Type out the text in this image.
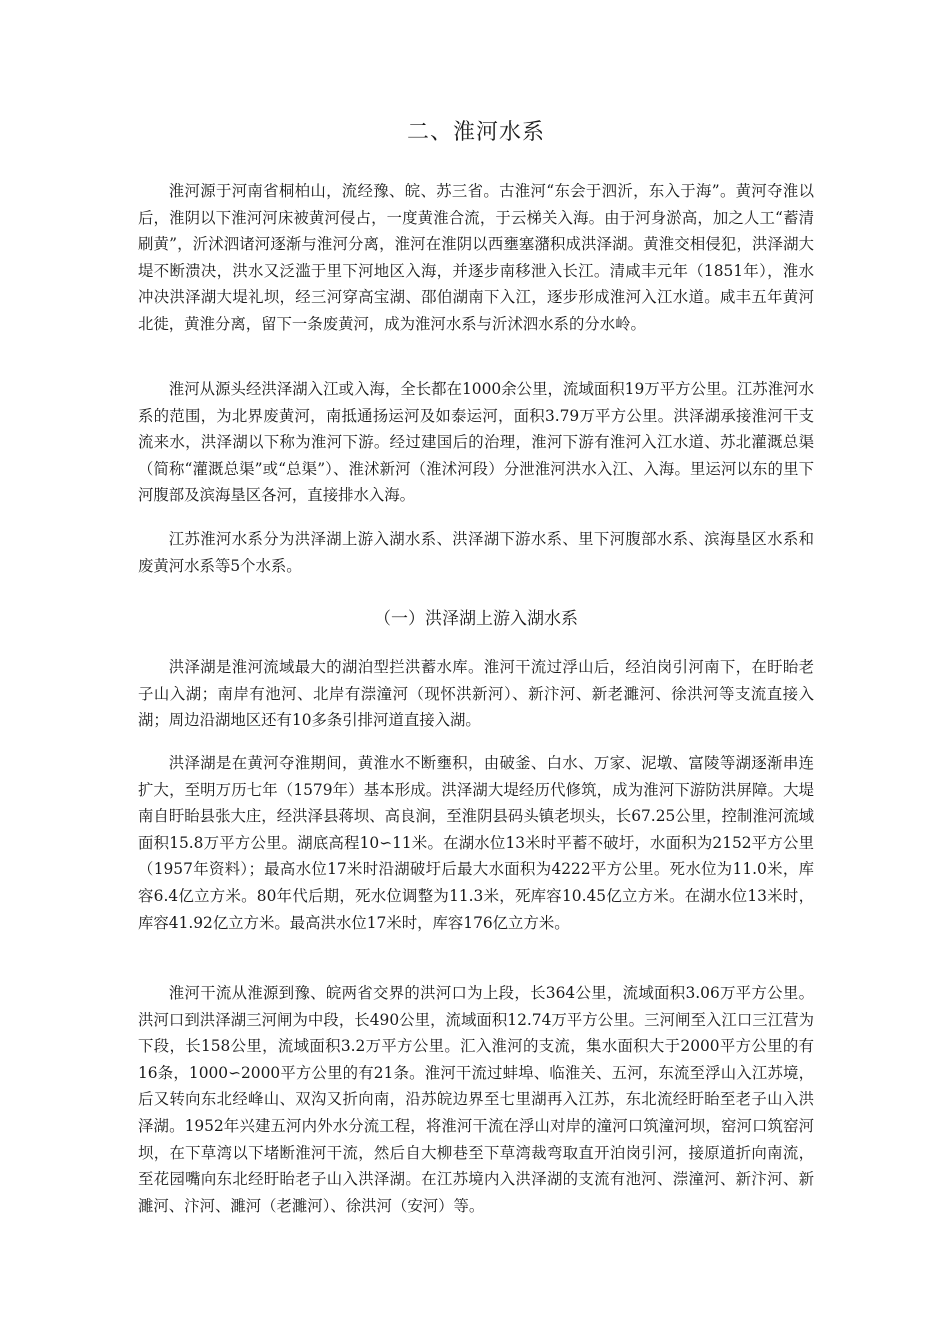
二、淮河水系

淮河源于河南省桐柏山，流经豫、皖、苏三省。古淮河“东会于泗沂，东入于海”。黄河夺淮以后，淮阴以下淮河河床被黄河侵占，一度黄淮合流，于云梯关入海。由于河身淤高，加之人工“蓄清刷黄”，沂沭泗诸河逐渐与淮河分离，淮河在淮阴以西壅塞潴积成洪泽湖。黄淮交相侵犯，洪泽湖大堤不断溃决，洪水又泛滥于里下河地区入海，并逐步南移泄入长江。清咸丰元年（1851年），淮水冲决洪泽湖大堤礼坝，经三河穿高宝湖、邵伯湖南下入江，逐步形成淮河入江水道。咸丰五年黄河北徙，黄淮分离，留下一条废黄河，成为淮河水系与沂沭泗水系的分水岭。

淮河从源头经洪泽湖入江或入海，全长都在1000余公里，流域面积19万平方公里。江苏淮河水系的范围，为北界废黄河，南抵通扬运河及如泰运河，面积3.79万平方公里。洪泽湖承接淮河干支流来水，洪泽湖以下称为淮河下游。经过建国后的治理，淮河下游有淮河入江水道、苏北灌溉总渠（简称“灌溉总渠”或“总渠”）、淮沭新河（淮沭河段）分泄淮河洪水入江、入海。里运河以东的里下河腹部及滨海垦区各河，直接排水入海。

江苏淮河水系分为洪泽湖上游入湖水系、洪泽湖下游水系、里下河腹部水系、滨海垦区水系和废黄河水系等5个水系。

（一）洪泽湖上游入湖水系

洪泽湖是淮河流域最大的湖泊型拦洪蓄水库。淮河干流过浮山后，经泊岗引河南下，在盱眙老子山入湖；南岸有池河、北岸有漴潼河（现怀洪新河）、新汴河、新老濉河、徐洪河等支流直接入湖；周边沿湖地区还有10多条引排河道直接入湖。

洪泽湖是在黄河夺淮期间，黄淮水不断壅积，由破釜、白水、万家、泥墩、富陵等湖逐渐串连扩大，至明万历七年（1579年）基本形成。洪泽湖大堤经历代修筑，成为淮河下游防洪屏障。大堤南自盱眙县张大庄，经洪泽县蒋坝、高良涧，至淮阴县码头镇老坝头，长67.25公里，控制淮河流域面积15.8万平方公里。湖底高程10∽11米。在湖水位13米时平蓄不破圩，水面积为2152平方公里（1957年资料）；最高水位17米时沿湖破圩后最大水面积为4222平方公里。死水位为11.0米，库容6.4亿立方米。80年代后期，死水位调整为11.3米，死库容10.45亿立方米。在湖水位13米时，库容41.92亿立方米。最高洪水位17米时，库容176亿立方米。

淮河干流从淮源到豫、皖两省交界的洪河口为上段，长364公里，流域面积3.06万平方公里。洪河口到洪泽湖三河闸为中段，长490公里，流域面积12.74万平方公里。三河闸至入江口三江营为下段，长158公里，流域面积3.2万平方公里。汇入淮河的支流，集水面积大于2000平方公里的有16条，1000∽2000平方公里的有21条。淮河干流过蚌埠、临淮关、五河，东流至浮山入江苏境，后又转向东北经峰山、双沟又折向南，沿苏皖边界至七里湖再入江苏，东北流经盱眙至老子山入洪泽湖。1952年兴建五河内外水分流工程，将淮河干流在浮山对岸的潼河口筑潼河坝，窑河口筑窑河坝，在下草湾以下堵断淮河干流，然后自大柳巷至下草湾裁弯取直开泊岗引河，接原道折向南流，至花园嘴向东北经盱眙老子山入洪泽湖。在江苏境内入洪泽湖的支流有池河、漴潼河、新汴河、新濉河、汴河、濉河（老濉河）、徐洪河（安河）等。
